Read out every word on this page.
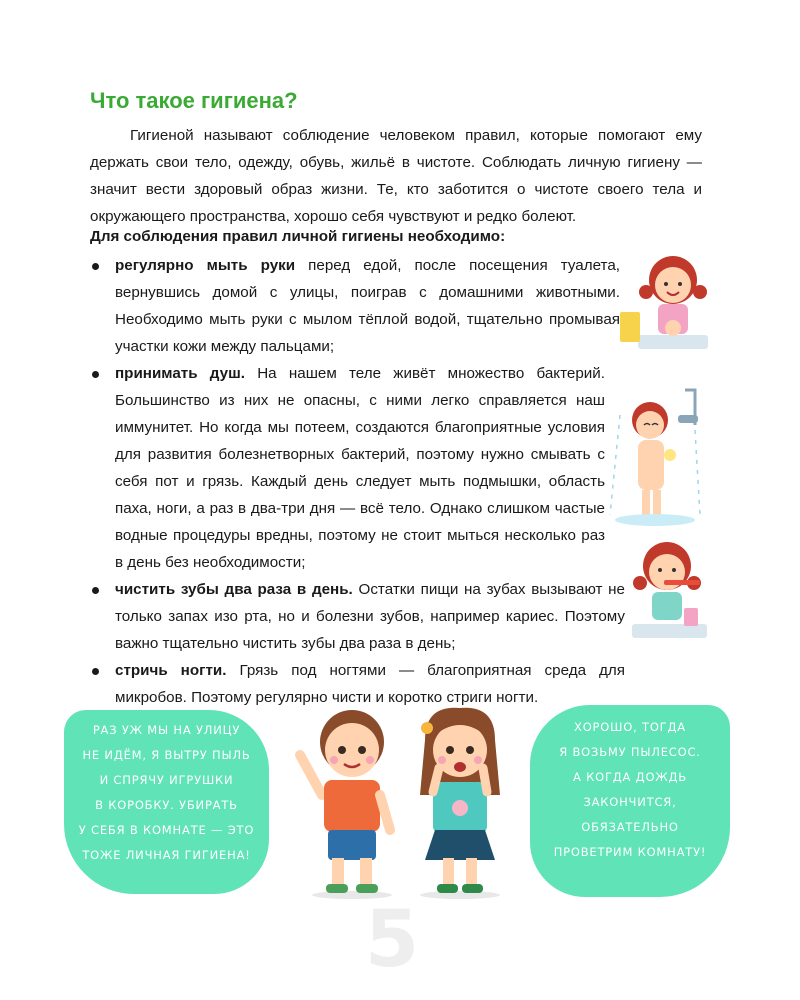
Что такое гигиена?

Гигиеной называют соблюдение человеком правил, которые помогают ему держать свои тело, одежду, обувь, жильё в чистоте. Соблюдать личную гигиену — значит вести здоровый образ жизни. Те, кто заботится о чистоте своего тела и окружающего пространства, хорошо себя чувствуют и редко болеют.

Для соблюдения правил личной гигиены необходимо:
регулярно мыть руки перед едой, после посещения туалета, вернувшись домой с улицы, поиграв с домашними животными. Необходимо мыть руки с мылом тёплой водой, тщательно промывая участки кожи между пальцами;
принимать душ. На нашем теле живёт множество бактерий. Большинство из них не опасны, с ними легко справляется наш иммунитет. Но когда мы потеем, создаются благоприятные условия для развития болезнетворных бактерий, поэтому нужно смывать с себя пот и грязь. Каждый день следует мыть подмышки, область паха, ноги, а раз в два-три дня — всё тело. Однако слишком частые водные процедуры вредны, поэтому не стоит мыться несколько раз в день без необходимости;
чистить зубы два раза в день. Остатки пищи на зубах вызывают не только запах изо рта, но и болезни зубов, например кариес. Поэтому важно тщательно чистить зубы два раза в день;
стричь ногти. Грязь под ногтями — благоприятная среда для микробов. Поэтому регулярно чисти и коротко стриги ногти.
РАЗ УЖ МЫ НА УЛИЦУ
НЕ ИДЁМ, Я ВЫТРУ ПЫЛЬ
И СПРЯЧУ ИГРУШКИ
В КОРОБКУ. УБИРАТЬ
У СЕБЯ В КОМНАТЕ — ЭТО
ТОЖЕ ЛИЧНАЯ ГИГИЕНА!
ХОРОШО, ТОГДА
Я ВОЗЬМУ ПЫЛЕСОС.
А КОГДА ДОЖДЬ
ЗАКОНЧИТСЯ,
ОБЯЗАТЕЛЬНО
ПРОВЕТРИМ КОМНАТУ!
5
